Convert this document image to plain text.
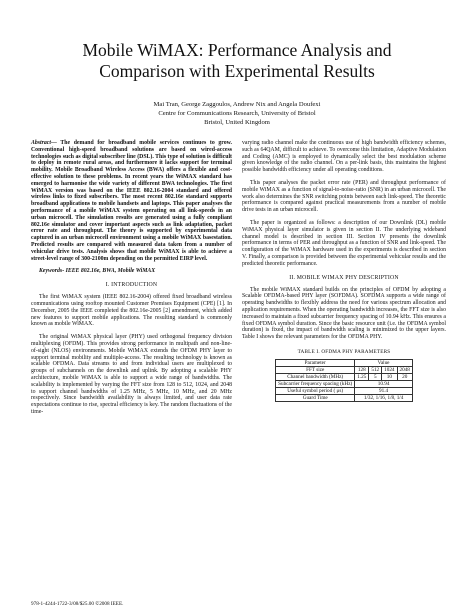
Mobile WiMAX: Performance Analysis and
Comparison with Experimental Results
Mai Tran, George Zaggoulos, Andrew Nix and Angela Doufexi
Centre for Communications Research, University of Bristol
Bristol, United Kingdom

Abstract— The demand for broadband mobile services continues to grow. Conventional high-speed broadband solutions are based on wired-access technologies such as digital subscriber line (DSL). This type of solution is difficult to deploy in remote rural areas, and furthermore it lacks support for terminal mobility. Mobile Broadband Wireless Access (BWA) offers a flexible and cost-effective solution to these problems. In recent years the WiMAX standard has emerged to harmonise the wide variety of different BWA technologies. The first WiMAX version was based on the IEEE 802.16-2004 standard and offered wireless links to fixed subscribers. The most recent 802.16e standard supports broadband applications to mobile handsets and laptops. This paper analyses the performance of a mobile WiMAX system operating on all link-speeds in an urban microcell. The simulation results are generated using a fully compliant 802.16e simulator and cover important aspects such as link adaptation, packet error rate and throughput. The theory is supported by experimental data captured in an urban microcell environment using a mobile WiMAX basestation. Predicted results are compared with measured data taken from a number of vehicular drive tests. Analysis shows that mobile WiMAX is able to achieve a street-level range of 300-2100m depending on the permitted EIRP level.

Keywords- IEEE 802.16e, BWA, Mobile WiMAX

I. INTRODUCTION

The first WiMAX system (IEEE 802.16-2004) offered fixed broadband wireless communications using rooftop mounted Customer Premises Equipment (CPE) [1]. In December, 2005 the IEEE completed the 802.16e-2005 [2] amendment, which added new features to support mobile applications. The resulting standard is commonly known as mobile WiMAX.

The original WiMAX physical layer (PHY) used orthogonal frequency division multiplexing (OFDM). This provides strong performance in multipath and non-line-of-sight (NLOS) environments. Mobile WiMAX extends the OFDM PHY layer to support terminal mobility and multiple-access. The resulting technology is known as scalable OFDMA. Data streams to and from individual users are multiplexed to groups of subchannels on the downlink and uplink. By adopting a scalable PHY architecture, mobile WiMAX is able to support a wide range of bandwidths. The scalability is implemented by varying the FFT size from 128 to 512, 1024, and 2048 to support channel bandwidths of 1.25 MHz, 5 MHz, 10 MHz, and 20 MHz respectively. Since bandwidth availability is always limited, and user data rate expectations continue to rise, spectral efficiency is key. The random fluctuations of the time-

varying radio channel make the continuous use of high bandwidth efficiency schemes, such as 64QAM, difficult to achieve. To overcome this limitation, Adaptive Modulation and Coding (AMC) is employed to dynamically select the best modulation scheme given knowledge of the radio channel. On a per-link basis, this maintains the highest possible bandwidth efficiency under all operating conditions.

This paper analyses the packet error rate (PER) and throughput performance of mobile WiMAX as a function of signal-to-noise-ratio (SNR) in an urban microcell. The work also determines the SNR switching points between each link-speed. The theoretic performance is compared against practical measurements from a number of mobile drive tests in an urban microcell.

The paper is organized as follows: a description of our Downlink (DL) mobile WiMAX physical layer simulator is given in section II. The underlying wideband channel model is described in section III. Section IV presents the downlink performance in terms of PER and throughput as a function of SNR and link-speed. The configuration of the WiMAX hardware used in the experiments is described in section V. Finally, a comparison is provided between the experimental vehicular results and the predicted theoretic performance.

II. MOBILE WIMAX PHY DESCRIPTION

The mobile WiMAX standard builds on the principles of OFDM by adopting a Scalable OFDMA-based PHY layer (SOFDMA). SOFDMA supports a wide range of operating bandwidths to flexibly address the need for various spectrum allocation and application requirements. When the operating bandwidth increases, the FFT size is also increased to maintain a fixed subcarrier frequency spacing of 10.94 kHz. This ensures a fixed OFDMA symbol duration. Since the basic resource unit (i.e. the OFDMA symbol duration) is fixed, the impact of bandwidth scaling is minimized to the upper layers. Table I shows the relevant parameters for the OFDMA PHY.

TABLE I. OFDMA PHY PARAMETERS
Parameter	Value			
FFT size	128	512	1024	2048
Channel bandwidth (MHz)	1.25	5	10	20
Subcarrier frequency spacing (kHz)	10.94			
Useful symbol period ( μs)	91.4			
Guard Time	1/32, 1/16, 1/8, 1/4			
978-1-4244-1722-3/08/$25.00 ©2008 IEEE.
